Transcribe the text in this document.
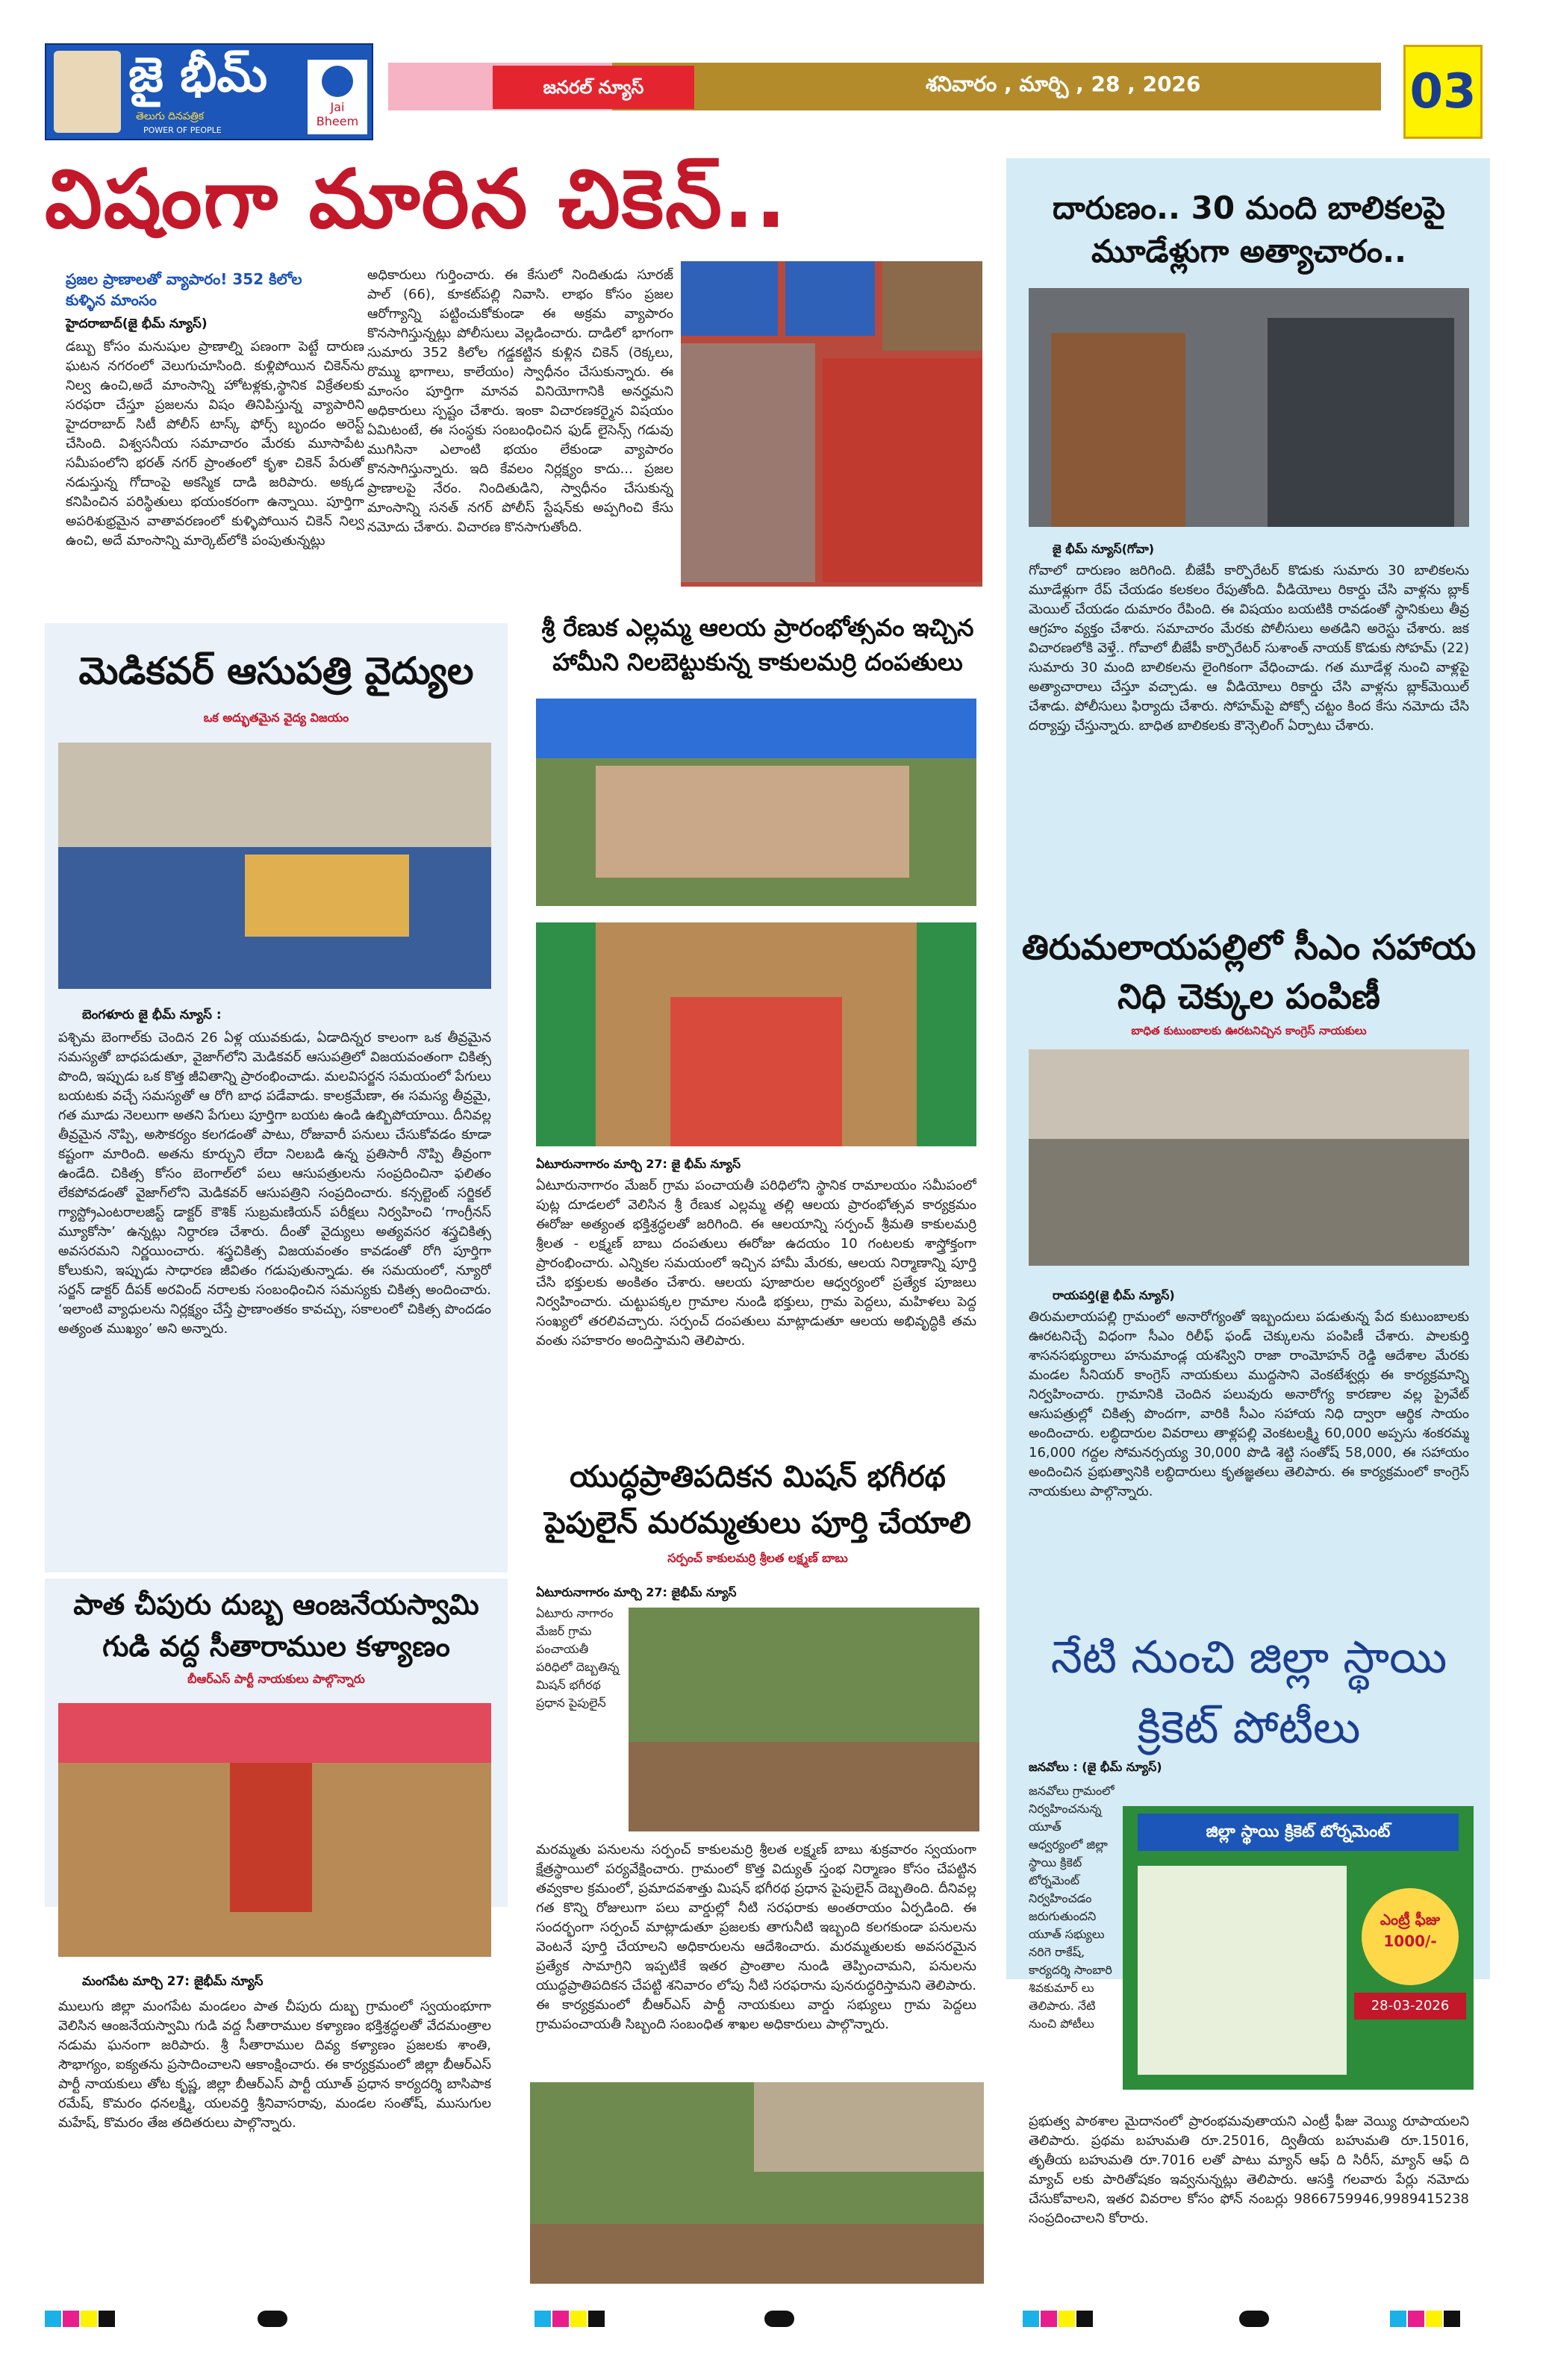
జై భీమ్
తెలుగు దినపత్రిక
POWER OF PEOPLE
Jai Bheem
జనరల్ న్యూస్	శనివారం , మార్చి , 28 , 2026	03
విషంగా మారిన చికెన్..
ప్రజల ప్రాణాలతో వ్యాపారం! 352 కిలోల కుళ్ళిన మాంసం
హైదరాబాద్(జై భీమ్ న్యూస్)
డబ్బు కోసం మనుషుల ప్రాణాల్ని పణంగా పెట్టే దారుణ ఘటన నగరంలో వెలుగుచూసింది. కుళ్లిపోయిన చికెన్‌ను నిల్వ ఉంచి,అదే మాంసాన్ని హోటళ్లకు,స్థానిక విక్రేతలకు సరఫరా చేస్తూ ప్రజలను విషం తినిపిస్తున్న వ్యాపారిని హైదరాబాద్ సిటీ పోలీస్ టాస్క్ ఫోర్స్ బృందం అరెస్ట్ చేసింది. విశ్వసనీయ సమాచారం మేరకు మూసాపేట సమీపంలోని భరత్ నగర్ ప్రాంతంలో కృశా చికెన్ పేరుతో నడుస్తున్న గోదాంపై అకస్మిక దాడి జరిపారు. అక్కడ కనిపించిన పరిస్థితులు భయంకరంగా ఉన్నాయి. పూర్తిగా అపరిశుభ్రమైన వాతావరణంలో కుళ్ళిపోయిన చికెన్ నిల్వ ఉంచి, అదే మాంసాన్ని మార్కెట్‌లోకి పంపుతున్నట్లు
అధికారులు గుర్తించారు. ఈ కేసులో నిందితుడు సూరజ్ పాల్ (66), కూకట్‌పల్లి నివాసి. లాభం కోసం ప్రజల ఆరోగ్యాన్ని పట్టించుకోకుండా ఈ అక్రమ వ్యాపారం కొనసాగిస్తున్నట్లు పోలీసులు వెల్లడించారు. దాడిలో భాగంగా సుమారు 352 కిలోల గడ్డకట్టిన కుళ్లిన చికెన్ (రెక్కలు, రొమ్ము భాగాలు, కాలేయం) స్వాధీనం చేసుకున్నారు. ఈ మాంసం పూర్తిగా మానవ వినియోగానికి అనర్హమని అధికారులు స్పష్టం చేశారు. ఇంకా విచారణకర్మైన విషయం ఏమిటంటే, ఈ సంస్థకు సంబంధించిన ఫుడ్ లైసెన్స్ గడువు ముగిసినా ఎలాంటి భయం లేకుండా వ్యాపారం కొనసాగిస్తున్నారు. ఇది కేవలం నిర్లక్ష్యం కాదు... ప్రజల ప్రాణాలపై నేరం. నిందితుడిని, స్వాధీనం చేసుకున్న మాంసాన్ని సనత్ నగర్ పోలీస్ స్టేషన్‌కు అప్పగించి కేసు నమోదు చేశారు. విచారణ కొనసాగుతోంది.
మెడికవర్ ఆసుపత్రి వైద్యుల
ఒక అద్భుతమైన వైద్య విజయం
బెంగళూరు జై భీమ్ న్యూస్ :
పశ్చిమ బెంగాల్‌కు చెందిన 26 ఏళ్ల యువకుడు, ఏడాదిన్నర కాలంగా ఒక తీవ్రమైన సమస్యతో బాధపడుతూ, వైజాగ్‌లోని మెడికవర్ ఆసుపత్రిలో విజయవంతంగా చికిత్స పొంది, ఇప్పుడు ఒక కొత్త జీవితాన్ని ప్రారంభించాడు. మలవిసర్జన సమయంలో పేగులు బయటకు వచ్చే సమస్యతో ఆ రోగి బాధ పడేవాడు. కాలక్రమేణా, ఈ సమస్య తీవ్రమై, గత మూడు నెలలుగా అతని పేగులు పూర్తిగా బయట ఉండి ఉబ్బిపోయాయి. దీనివల్ల తీవ్రమైన నొప్పి, అసౌకర్యం కలగడంతో పాటు, రోజువారీ పనులు చేసుకోవడం కూడా కష్టంగా మారింది. అతను కూర్చుని లేదా నిలబడి ఉన్న ప్రతిసారీ నొప్పి తీవ్రంగా ఉండేది. చికిత్స కోసం బెంగాల్‌లో పలు ఆసుపత్రులను సంప్రదించినా ఫలితం లేకపోవడంతో వైజాగ్‌లోని మెడికవర్ ఆసుపత్రిని సంప్రదించారు. కన్సల్టెంట్ సర్జికల్ గ్యాస్ట్రోఎంటరాలజిస్ట్ డాక్టర్ కౌశిక్ సుబ్రమణియన్ పరీక్షలు నిర్వహించి ‘గాంగ్రీనస్ మ్యూకోసా’ ఉన్నట్లు నిర్ధారణ చేశారు. దీంతో వైద్యులు అత్యవసర శస్త్రచికిత్స అవసరమని నిర్ణయించారు. శస్త్రచికిత్స విజయవంతం కావడంతో రోగి పూర్తిగా కోలుకుని, ఇప్పుడు సాధారణ జీవితం గడుపుతున్నాడు. ఈ సమయంలో, న్యూరో సర్జన్ డాక్టర్ దీపక్ అరవింద్ నరాలకు సంబంధించిన సమస్యకు చికిత్స అందించారు. ‘ఇలాంటి వ్యాధులను నిర్లక్ష్యం చేస్తే ప్రాణాంతకం కావచ్చు, సకాలంలో చికిత్స పొందడం అత్యంత ముఖ్యం’ అని అన్నారు.
పాత చీపురు దుబ్బ ఆంజనేయస్వామి గుడి వద్ద సీతారాముల కళ్యాణం
బీఆర్ఎస్ పార్టీ నాయకులు పాల్గొన్నారు
మంగపేట మార్చి 27: జైభీమ్ న్యూస్
ములుగు జిల్లా మంగపేట మండలం పాత చీపురు దుబ్బ గ్రామంలో స్వయంభూగా వెలిసిన ఆంజనేయస్వామి గుడి వద్ద సీతారాముల కళ్యాణం భక్తిశ్రద్ధలతో వేదమంత్రాల నడుమ ఘనంగా జరిపారు. శ్రీ సీతారాముల దివ్య కళ్యాణం ప్రజలకు శాంతి, సౌభాగ్యం, ఐక్యతను ప్రసాదించాలని ఆకాంక్షించారు. ఈ కార్యక్రమంలో జిల్లా బీఆర్ఎస్ పార్టీ నాయకులు తోట కృష్ణ, జిల్లా బీఆర్ఎస్ పార్టీ యూత్ ప్రధాన కార్యదర్శి బాసిపాక రమేష్, కొమరం ధనలక్ష్మి, యలవర్తి శ్రీనివాసరావు, మండల సంతోష్, ముసుగుల మహేష్, కొమరం తేజ తదితరులు పాల్గొన్నారు.
శ్రీ రేణుక ఎల్లమ్మ ఆలయ ప్రారంభోత్సవం ఇచ్చిన హామీని నిలబెట్టుకున్న కాకులమర్రి దంపతులు
ఏటూరునాగారం మార్చి 27: జై భీమ్ న్యూస్
ఏటూరునాగారం మేజర్ గ్రామ పంచాయతీ పరిధిలోని స్థానిక రామాలయం సమీపంలో పుట్ల దూడలలో వెలిసిన శ్రీ రేణుక ఎల్లమ్మ తల్లి ఆలయ ప్రారంభోత్సవ కార్యక్రమం ఈరోజు అత్యంత భక్తిశ్రద్ధలతో జరిగింది. ఈ ఆలయాన్ని సర్పంచ్ శ్రీమతి కాకులమర్రి శ్రీలత - లక్ష్మణ్ బాబు దంపతులు ఈరోజు ఉదయం 10 గంటలకు శాస్త్రోక్తంగా ప్రారంభించారు. ఎన్నికల సమయంలో ఇచ్చిన హామీ మేరకు, ఆలయ నిర్మాణాన్ని పూర్తి చేసి భక్తులకు అంకితం చేశారు. ఆలయ పూజారుల ఆధ్వర్యంలో ప్రత్యేక పూజలు నిర్వహించారు. చుట్టుపక్కల గ్రామాల నుండి భక్తులు, గ్రామ పెద్దలు, మహిళలు పెద్ద సంఖ్యలో తరలివచ్చారు. సర్పంచ్ దంపతులు మాట్లాడుతూ ఆలయ అభివృద్ధికి తమ వంతు సహకారం అందిస్తామని తెలిపారు.
యుద్ధప్రాతిపదికన మిషన్ భగీరథ పైపులైన్ మరమ్మతులు పూర్తి చేయాలి
సర్పంచ్ కాకులమర్రి శ్రీలత లక్ష్మణ్ బాబు
ఏటూరునాగారం మార్చి 27: జైభీమ్ న్యూస్
ఏటూరు నాగారం మేజర్ గ్రామ పంచాయతీ పరిధిలో దెబ్బతిన్న మిషన్ భగీరథ ప్రధాన పైపులైన్
మరమ్మతు పనులను సర్పంచ్ కాకులమర్రి శ్రీలత లక్ష్మణ్ బాబు శుక్రవారం స్వయంగా క్షేత్రస్థాయిలో పర్యవేక్షించారు. గ్రామంలో కొత్త విద్యుత్ స్తంభ నిర్మాణం కోసం చేపట్టిన తవ్వకాల క్రమంలో, ప్రమాదవశాత్తు మిషన్ భగీరథ ప్రధాన పైపులైన్ దెబ్బతింది. దీనివల్ల గత కొన్ని రోజులుగా పలు వార్డుల్లో నీటి సరఫరాకు అంతరాయం ఏర్పడింది. ఈ సందర్భంగా సర్పంచ్ మాట్లాడుతూ ప్రజలకు తాగునీటి ఇబ్బంది కలగకుండా పనులను వెంటనే పూర్తి చేయాలని అధికారులను ఆదేశించారు. మరమ్మతులకు అవసరమైన ప్రత్యేక సామాగ్రిని ఇప్పటికే ఇతర ప్రాంతాల నుండి తెప్పించామని, పనులను యుద్ధప్రాతిపదికన చేపట్టి శనివారం లోపు నీటి సరఫరాను పునరుద్ధరిస్తామని తెలిపారు. ఈ కార్యక్రమంలో బీఆర్ఎస్ పార్టీ నాయకులు వార్డు సభ్యులు గ్రామ పెద్దలు గ్రామపంచాయతీ సిబ్బంది సంబంధిత శాఖల అధికారులు పాల్గొన్నారు.
దారుణం.. 30 మంది బాలికలపై మూడేళ్లుగా అత్యాచారం..
జై భీమ్ న్యూస్(గోవా)
గోవాలో దారుణం జరిగింది. బీజేపీ కార్పొరేటర్ కొడుకు సుమారు 30 బాలికలను మూడేళ్లుగా రేప్ చేయడం కలకలం రేపుతోంది. వీడియోలు రికార్డు చేసి వాళ్లను బ్లాక్ మెయిల్ చేయడం దుమారం రేపింది. ఈ విషయం బయటికి రావడంతో స్థానికులు తీవ్ర ఆగ్రహం వ్యక్తం చేశారు. సమాచారం మేరకు పోలీసులు అతడిని అరెస్టు చేశారు. జక విచారణలోకి వెళ్తే.. గోవాలో బీజేపీ కార్పొరేటర్ సుశాంత్ నాయక్ కొడుకు సోహమ్ (22) సుమారు 30 మంది బాలికలను లైంగికంగా వేధించాడు. గత మూడేళ్ల నుంచి వాళ్లపై అత్యాచారాలు చేస్తూ వచ్చాడు. ఆ వీడియోలు రికార్డు చేసి వాళ్లను బ్లాక్‌మెయిల్ చేశాడు. పోలీసులు ఫిర్యాదు చేశారు. సోహమ్‌పై పోక్సో చట్టం కింద కేసు నమోదు చేసి దర్యాప్తు చేస్తున్నారు. బాధిత బాలికలకు కౌన్సెలింగ్ ఏర్పాటు చేశారు.
తిరుమలాయపల్లిలో సీఎం సహాయ నిధి చెక్కుల పంపిణీ
బాధిత కుటుంబాలకు ఊరటనిచ్చిన కాంగ్రెస్ నాయకులు
రాయపర్తి(జై భీమ్ న్యూస్)
తిరుమలాయపల్లి గ్రామంలో అనారోగ్యంతో ఇబ్బందులు పడుతున్న పేద కుటుంబాలకు ఊరటనిచ్చే విధంగా సీఎం రిలీఫ్ ఫండ్ చెక్కులను పంపిణీ చేశారు. పాలకుర్తి శాసనసభ్యురాలు హనుమాండ్ల యశస్విని రాజా రాంమోహన్ రెడ్డి ఆదేశాల మేరకు మండల సీనియర్ కాంగ్రెస్ నాయకులు ముద్దసాని వెంకటేశ్వర్లు ఈ కార్యక్రమాన్ని నిర్వహించారు. గ్రామానికి చెందిన పలువురు అనారోగ్య కారణాల వల్ల ప్రైవేట్ ఆసుపత్రుల్లో చికిత్స పొందగా, వారికి సీఎం సహాయ నిధి ద్వారా ఆర్థిక సాయం అందించారు. లబ్ధిదారుల వివరాలు తాళ్లపల్లి వెంకటలక్ష్మి 60,000 అప్పసు శంకరమ్మ 16,000 గద్దల సోమనర్సయ్య 30,000 పొడి శెట్టి సంతోష్ 58,000, ఈ సహాయం అందించిన ప్రభుత్వానికి లబ్ధిదారులు కృతజ్ఞతలు తెలిపారు. ఈ కార్యక్రమంలో కాంగ్రెస్ నాయకులు పాల్గొన్నారు.
నేటి నుంచి జిల్లా స్థాయి క్రికెట్ పోటీలు
జనవోలు : (జై భీమ్ న్యూస్)
జనవోలు గ్రామంలో నిర్వహించనున్న యూత్ ఆధ్వర్యంలో జిల్లా స్థాయి క్రికెట్ టోర్నమెంట్ నిర్వహించడం జరుగుతుందని యూత్ సభ్యులు నరిగె రాకేష్, కార్యదర్శి సాంబారి శివకుమార్ లు తెలిపారు. నేటి నుంచి పోటీలు
జిల్లా స్థాయి క్రికెట్ టోర్నమెంట్
ఎంట్రీ ఫీజు 1000/-
28-03-2026
ప్రభుత్వ పాఠశాల మైదానంలో ప్రారంభమవుతాయని ఎంట్రీ ఫీజు వెయ్యి రూపాయలని తెలిపారు. ప్రథమ బహుమతి రూ.25016, ద్వితీయ బహుమతి రూ.15016, తృతీయ బహుమతి రూ.7016 లతో పాటు మ్యాన్ ఆఫ్ ది సిరీస్, మ్యాన్ ఆఫ్ ది మ్యాచ్ లకు పారితోషకం ఇవ్వనున్నట్లు తెలిపారు. ఆసక్తి గలవారు పేర్లు నమోదు చేసుకోవాలని, ఇతర వివరాల కోసం ఫోన్ నంబర్లు 9866759946,9989415238 సంప్రదించాలని కోరారు.
